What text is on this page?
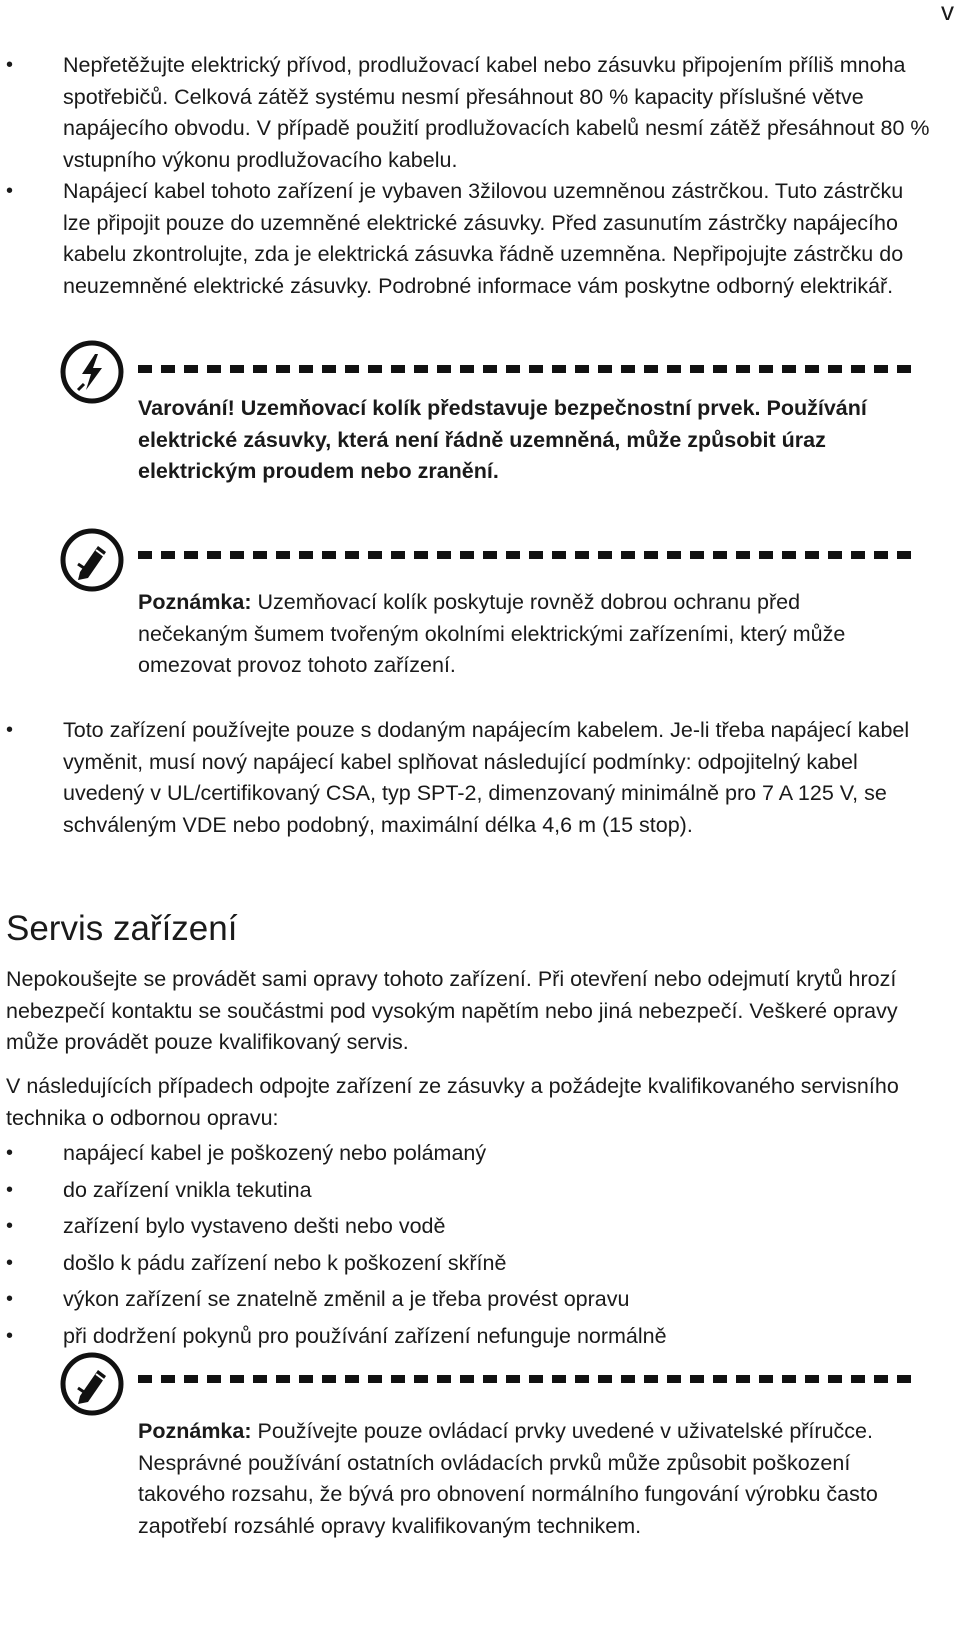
v
• Nepřetěžujte elektrický přívod, prodlužovací kabel nebo zásuvku připojením příliš mnoha spotřebičů. Celková zátěž systému nesmí přesáhnout 80 % kapacity příslušné větve napájecího obvodu. V případě použití prodlužovacích kabelů nesmí zátěž přesáhnout 80 % vstupního výkonu prodlužovacího kabelu.
• Napájecí kabel tohoto zařízení je vybaven 3žilovou uzemněnou zástrčkou. Tuto zástrčku lze připojit pouze do uzemněné elektrické zásuvky. Před zasunutím zástrčky napájecího kabelu zkontrolujte, zda je elektrická zásuvka řádně uzemněna. Nepřipojujte zástrčku do neuzemněné elektrické zásuvky. Podrobné informace vám poskytne odborný elektrikář.
Varování! Uzemňovací kolík představuje bezpečnostní prvek. Používání elektrické zásuvky, která není řádně uzemněná, může způsobit úraz elektrickým proudem nebo zranění.
Poznámka: Uzemňovací kolík poskytuje rovněž dobrou ochranu před nečekaným šumem tvořeným okolními elektrickými zařízeními, který může omezovat provoz tohoto zařízení.
• Toto zařízení používejte pouze s dodaným napájecím kabelem. Je-li třeba napájecí kabel vyměnit, musí nový napájecí kabel splňovat následující podmínky: odpojitelný kabel uvedený v UL/certifikovaný CSA, typ SPT-2, dimenzovaný minimálně pro 7 A 125 V, se schváleným VDE nebo podobný, maximální délka 4,6 m (15 stop).
Servis zařízení

Nepokoušejte se provádět sami opravy tohoto zařízení. Při otevření nebo odejmutí krytů hrozí nebezpečí kontaktu se součástmi pod vysokým napětím nebo jiná nebezpečí. Veškeré opravy může provádět pouze kvalifikovaný servis.

V následujících případech odpojte zařízení ze zásuvky a požádejte kvalifikovaného servisního technika o odbornou opravu:

• napájecí kabel je poškozený nebo polámaný
• do zařízení vnikla tekutina
• zařízení bylo vystaveno dešti nebo vodě
• došlo k pádu zařízení nebo k poškození skříně
• výkon zařízení se znatelně změnil a je třeba provést opravu
• při dodržení pokynů pro používání zařízení nefunguje normálně
Poznámka: Používejte pouze ovládací prvky uvedené v uživatelské příručce. Nesprávné používání ostatních ovládacích prvků může způsobit poškození takového rozsahu, že bývá pro obnovení normálního fungování výrobku často zapotřebí rozsáhlé opravy kvalifikovaným technikem.
